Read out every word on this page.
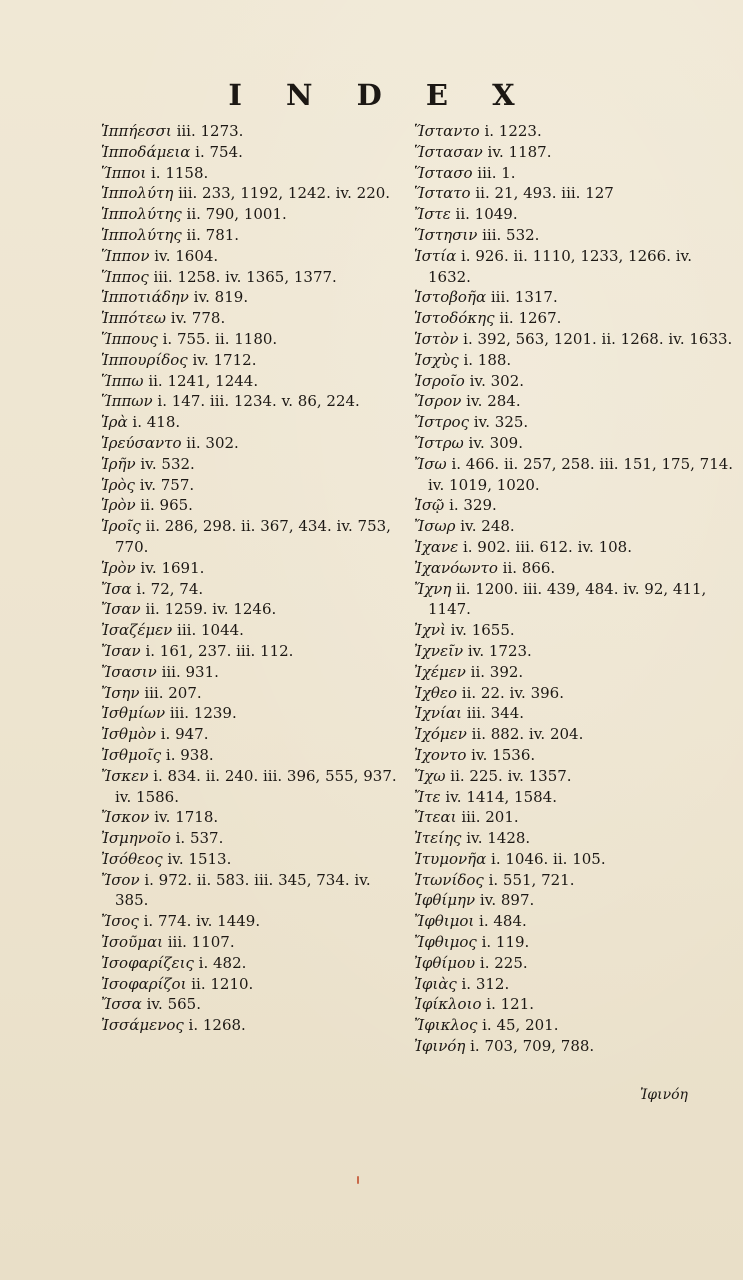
I N D E X
Ἱππήεσσι iii. 1273.
Ἱπποδάμεια i. 754.
Ἵπποι i. 1158.
Ἱππολύτη iii. 233, 1192, 1242. iv. 220.
Ἱππολύτης ii. 790, 1001.
Ἱππολύτης ii. 781.
Ἵππον iv. 1604.
Ἵππος iii. 1258. iv. 1365, 1377.
Ἱπποτιάδην iv. 819.
Ἱππότεω iv. 778.
Ἵππους i. 755. ii. 1180.
Ἱππουρίδος iv. 1712.
Ἵππω ii. 1241, 1244.
Ἵππων i. 147. iii. 1234. v. 86, 224.
Ἱρὰ i. 418.
Ἱρεύσαντο ii. 302.
Ἱρῆν iv. 532.
Ἱρὸς iv. 757.
Ἱρὸν ii. 965.
Ἱροῖς ii. 286, 298. ii. 367, 434. iv. 753, 770.
Ἱρὸν iv. 1691.
Ἴσα i. 72, 74.
Ἴσαν ii. 1259. iv. 1246.
Ἰσαζέμεν iii. 1044.
Ἴσαν i. 161, 237. iii. 112.
Ἴσασιν iii. 931.
Ἴσην iii. 207.
Ἰσθμίων iii. 1239.
Ἰσθμὸν i. 947.
Ἰσθμοῖς i. 938.
Ἴσκεν i. 834. ii. 240. iii. 396, 555, 937. iv. 1586.
Ἴσκον iv. 1718.
Ἰσμηνοῖο i. 537.
Ἰσόθεος iv. 1513.
Ἴσον i. 972. ii. 583. iii. 345, 734. iv. 385.
Ἴσος i. 774. iv. 1449.
Ἰσοῦμαι iii. 1107.
Ἰσοφαρίζεις i. 482.
Ἰσοφαρίζοι ii. 1210.
Ἴσσα iv. 565.
Ἰσσάμενος i. 1268.
Ἵσταντο i. 1223.
Ἵστασαν iv. 1187.
Ἵστασο iii. 1.
Ἵστατο ii. 21, 493. iii. 127
Ἴστε ii. 1049.
Ἵστησιν iii. 532.
Ἱστία i. 926. ii. 1110, 1233, 1266. iv. 1632.
Ἱστοβοῆα iii. 1317.
Ἱστοδόκης ii. 1267.
Ἱστὸν i. 392, 563, 1201. ii. 1268. iv. 1633.
Ἰσχὺς i. 188.
Ἰσροῖο iv. 302.
Ἴσρον iv. 284.
Ἴστρος iv. 325.
Ἴστρω iv. 309.
Ἴσω i. 466. ii. 257, 258. iii. 151, 175, 714. iv. 1019, 1020.
Ἰσῷ i. 329.
Ἴσωρ iv. 248.
Ἰχανε i. 902. iii. 612. iv. 108.
Ἰχανόωντο ii. 866.
Ἴχνη ii. 1200. iii. 439, 484. iv. 92, 411, 1147.
Ἰχνὶ iv. 1655.
Ἰχνεῖν iv. 1723.
Ἰχέμεν ii. 392.
Ἰχθεο ii. 22. iv. 396.
Ἰχνίαι iii. 344.
Ἰχόμεν ii. 882. iv. 204.
Ἰχοντο iv. 1536.
Ἴχω ii. 225. iv. 1357.
Ἴτε iv. 1414, 1584.
Ἴτεαι iii. 201.
Ἰτείης iv. 1428.
Ἰτυμονῆα i. 1046. ii. 105.
Ἰτωνίδος i. 551, 721.
Ἰφθίμην iv. 897.
Ἴφθιμοι i. 484.
Ἴφθιμος i. 119.
Ἰφθίμου i. 225.
Ἰφιὰς i. 312.
Ἰφίκλοιο i. 121.
Ἴφικλος i. 45, 201.
Ἰφινόη i. 703, 709, 788.
Ἰφινόη
